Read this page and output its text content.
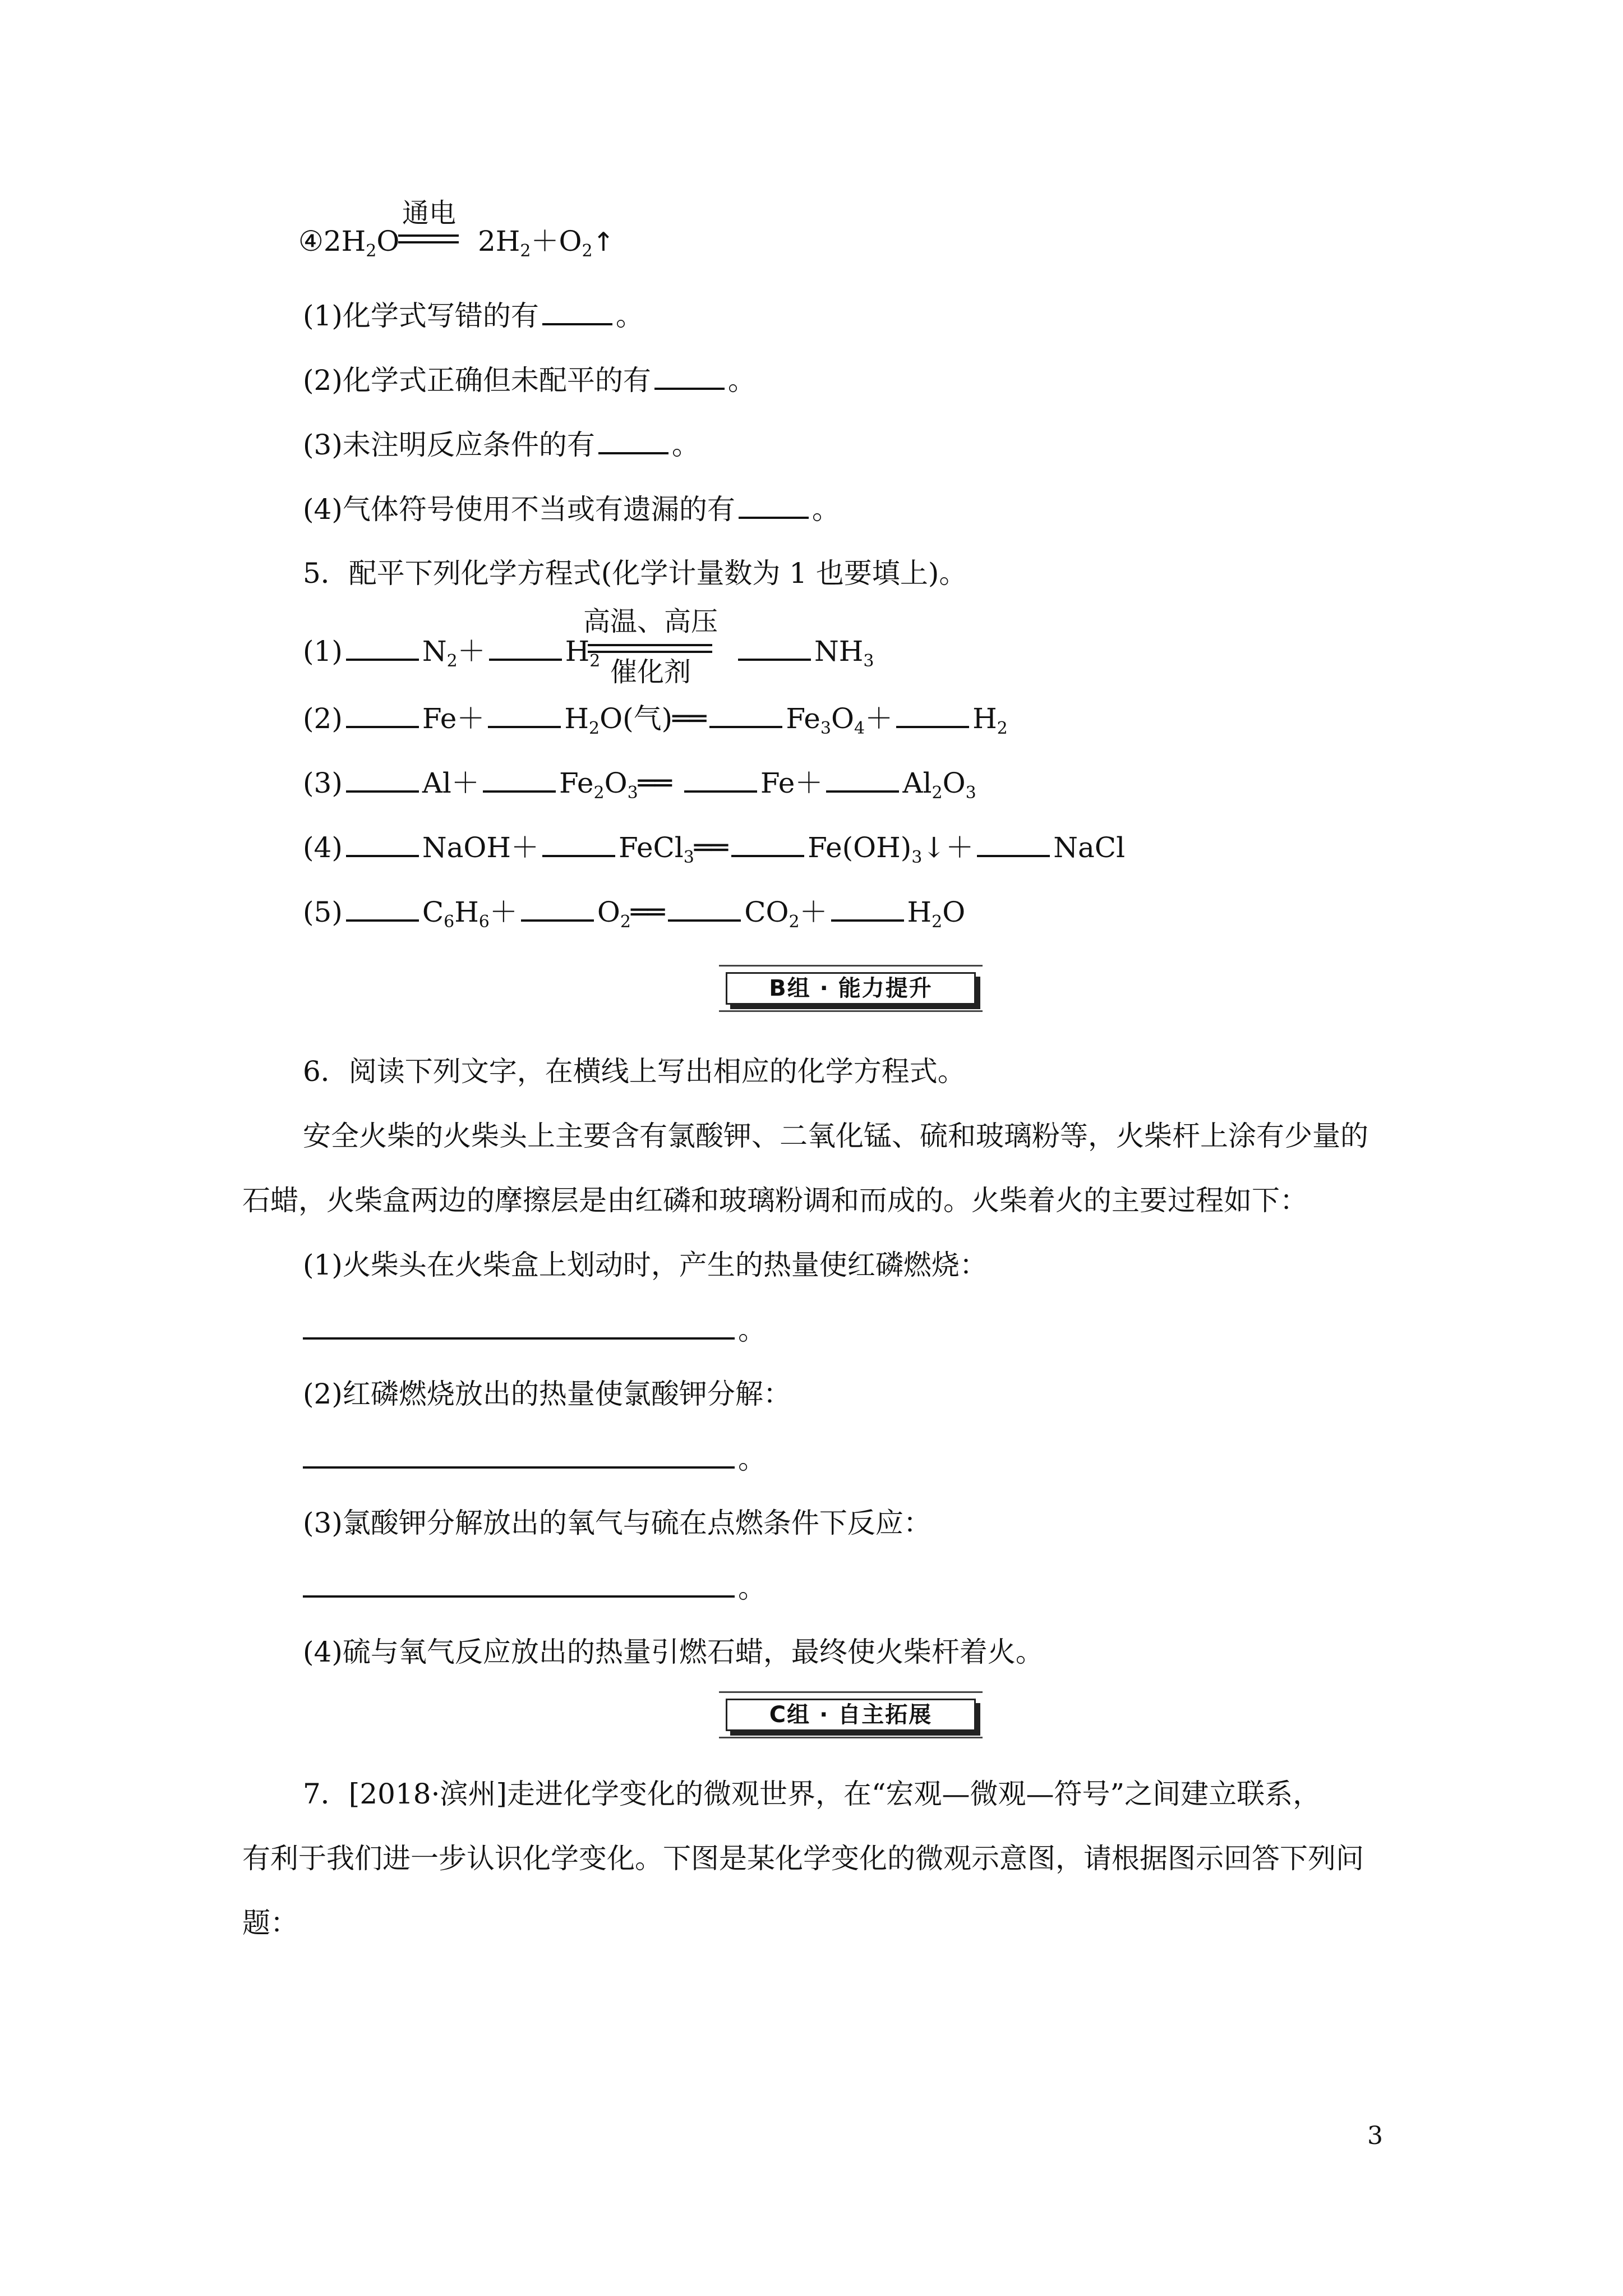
通电
$④2H_2O$	$2H_2+O_2↑$
(1)化学式写错的有	。
(2)化学式正确但未配平的有	。
(3)未注明反应条件的有	。
(4)气体符号使用不当或有遗漏的有	。
5．配平下列化学方程式(化学计量数为 1 也要填上)。
高温、高压
催化剂
(1)	$N_2+$	$H_2$	$NH_3$
(2)	Fe＋	$H_2O$(气)══	$Fe_3O_4+$	$H_2$
(3)	Al＋	$Fe_2O_3══$	Fe＋	$Al_2O_3$
(4)	NaOH＋	FeCl$_3$══	$Fe(OH)_3↓+$	NaCl
(5)	$C_6H_6+$	$O_2══$	$CO_2+$	$H_2O$
B组 · 能力提升
6．阅读下列文字，在横线上写出相应的化学方程式。
安全火柴的火柴头上主要含有氯酸钾、二氧化锰、硫和玻璃粉等，火柴杆上涂有少量的
石蜡，火柴盒两边的摩擦层是由红磷和玻璃粉调和而成的。火柴着火的主要过程如下：
(1)火柴头在火柴盒上划动时，产生的热量使红磷燃烧：
。
(2)红磷燃烧放出的热量使氯酸钾分解：
。
(3)氯酸钾分解放出的氧气与硫在点燃条件下反应：
。
(4)硫与氧气反应放出的热量引燃石蜡，最终使火柴杆着火。
C组 · 自主拓展
7．[2018·滨州]走进化学变化的微观世界，在“宏观—微观—符号”之间建立联系，
有利于我们进一步认识化学变化。下图是某化学变化的微观示意图，请根据图示回答下列问
题：
3
